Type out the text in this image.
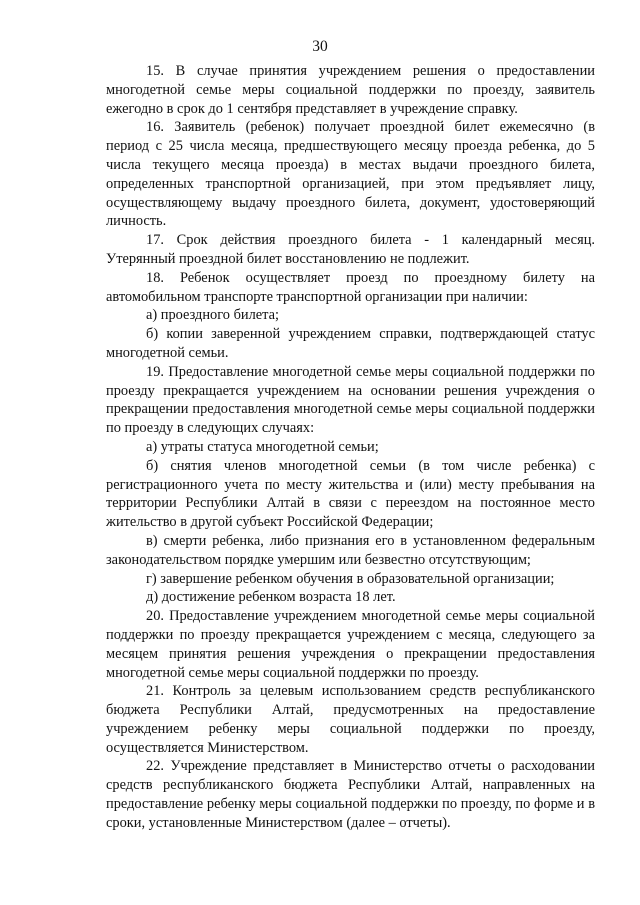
30

15. В случае принятия учреждением решения о предоставлении многодетной семье меры социальной поддержки по проезду, заявитель ежегодно в срок до 1 сентября представляет в учреждение справку.

16. Заявитель (ребенок) получает проездной билет ежемесячно (в период с 25 числа месяца, предшествующего месяцу проезда ребенка, до 5 числа текущего месяца проезда) в местах выдачи проездного билета, определенных транспортной организацией, при этом предъявляет лицу, осуществляющему выдачу проездного билета, документ, удостоверяющий личность.

17. Срок действия проездного билета - 1 календарный месяц. Утерянный проездной билет восстановлению не подлежит.

18. Ребенок осуществляет проезд по проездному билету на автомобильном транспорте транспортной организации при наличии:

а) проездного билета;

б) копии заверенной учреждением справки, подтверждающей статус многодетной семьи.

19. Предоставление многодетной семье меры социальной поддержки по проезду прекращается учреждением на основании решения учреждения о прекращении предоставления многодетной семье меры социальной поддержки по проезду в следующих случаях:

а) утраты статуса многодетной семьи;

б) снятия членов многодетной семьи (в том числе ребенка) с регистрационного учета по месту жительства и (или) месту пребывания на территории Республики Алтай в связи с переездом на постоянное место жительство в другой субъект Российской Федерации;

в) смерти ребенка, либо признания его в установленном федеральным законодательством порядке умершим или безвестно отсутствующим;

г) завершение ребенком обучения в образовательной организации;

д) достижение ребенком возраста 18 лет.

20. Предоставление учреждением многодетной семье меры социальной поддержки по проезду прекращается учреждением с месяца, следующего за месяцем принятия решения учреждения о прекращении предоставления многодетной семье меры социальной поддержки по проезду.

21. Контроль за целевым использованием средств республиканского бюджета Республики Алтай, предусмотренных на предоставление учреждением ребенку меры социальной поддержки по проезду, осуществляется Министерством.

22. Учреждение представляет в Министерство отчеты о расходовании средств республиканского бюджета Республики Алтай, направленных на предоставление ребенку меры социальной поддержки по проезду, по форме и в сроки, установленные Министерством (далее – отчеты).
